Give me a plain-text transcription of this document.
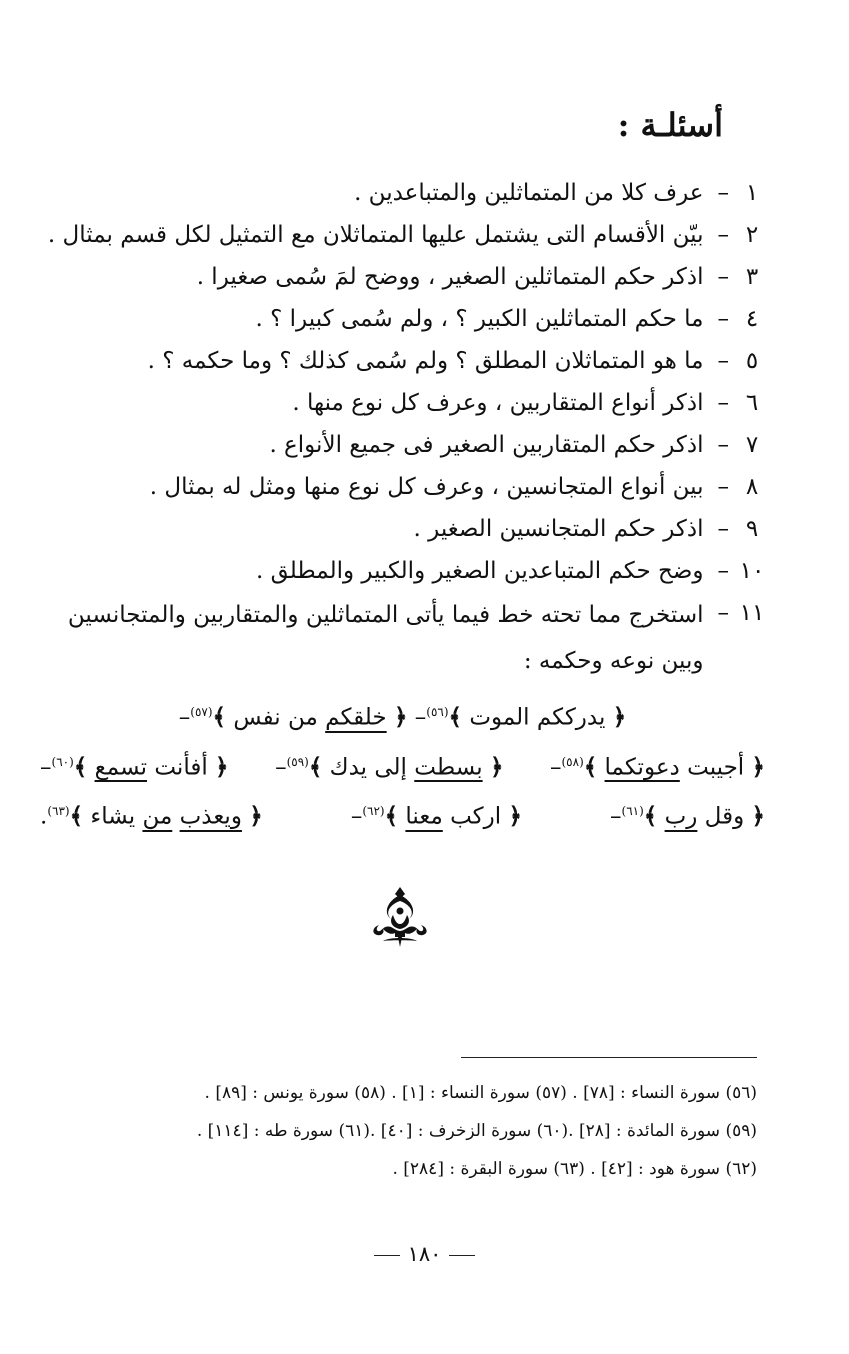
أسئلـة :
١
–
عرف كلا من المتماثلين والمتباعدين .
٢
–
بيّن الأقسام التى يشتمل عليها المتماثلان مع التمثيل لكل قسم بمثال .
٣
–
اذكر حكم المتماثلين الصغير ، ووضح لمَ سُمى صغيرا .
٤
–
ما حكم المتماثلين الكبير ؟ ، ولم سُمى كبيرا ؟ .
٥
–
ما هو المتماثلان المطلق ؟ ولم سُمى كذلك ؟ وما حكمه ؟ .
٦
–
اذكر أنواع المتقاربين ، وعرف كل نوع منها .
٧
–
اذكر حكم المتقاربين الصغير فى جميع الأنواع .
٨
–
بين أنواع المتجانسين ، وعرف كل نوع منها ومثل له بمثال .
٩
–
اذكر حكم المتجانسين الصغير .
١٠
–
وضح حكم المتباعدين الصغير والكبير والمطلق .
١١
–
استخرج مما تحته خط فيما يأتى المتماثلين والمتقاربين والمتجانسين وبين نوعه وحكمه :
﴿ يدرككم الموت ﴾$^{(٥٦)}$– ﴿ خلقكم من نفس ﴾$^{(٥٧)}$–
﴿ أجيبت دعوتكما ﴾$^{(٥٨)}$–
﴿ بسطت إلى يدك ﴾$^{(٥٩)}$–
﴿ أفأنت تسمع ﴾$^{(٦٠)}$–
﴿ وقل رب ﴾$^{(٦١)}$–
﴿ اركب معنا ﴾$^{(٦٢)}$–
﴿ ويعذب من يشاء ﴾$^{(٦٣)}$.
(٥٦) سورة النساء : [٧٨] . (٥٧) سورة النساء : [١] . (٥٨) سورة يونس : [٨٩] .
(٥٩) سورة المائدة : [٢٨] .(٦٠) سورة الزخرف : [٤٠] .(٦١) سورة طه : [١١٤] .
(٦٢) سورة هود : [٤٢] . (٦٣) سورة البقرة : [٢٨٤] .
١٨٠
